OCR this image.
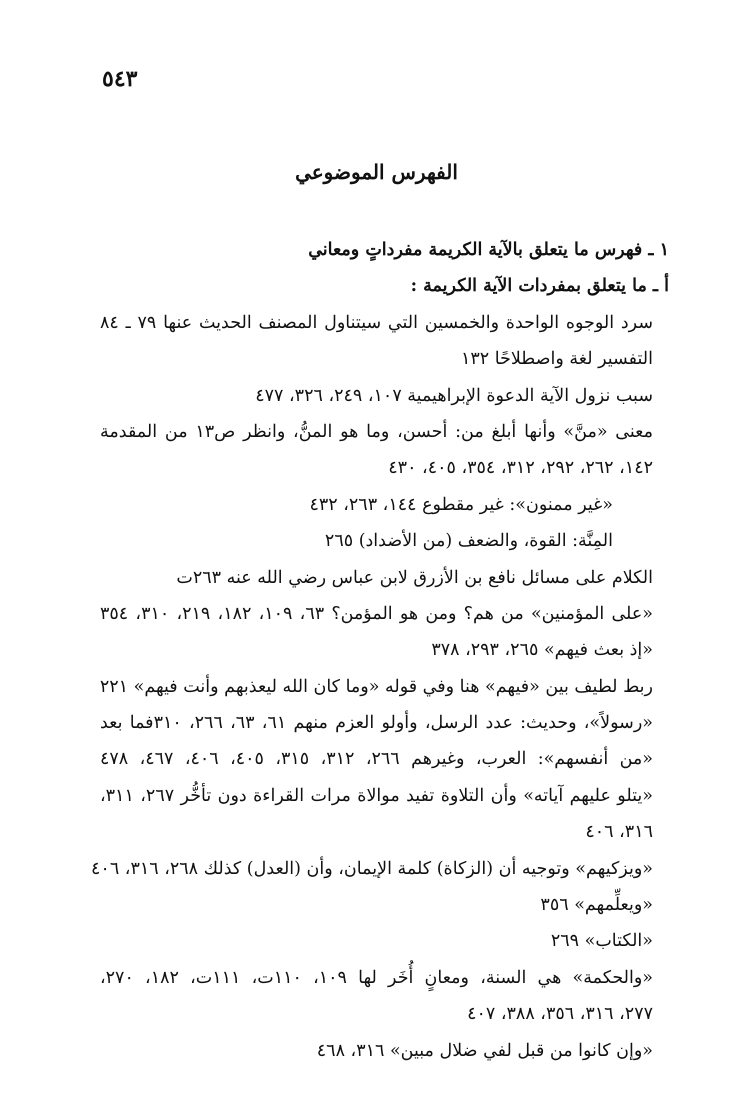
٥٤٣
الفهرس الموضوعي
١ ـ فهرس ما يتعلق بالآية الكريمة مفرداتٍ ومعاني
أ ـ ما يتعلق بمفردات الآية الكريمة :
سرد الوجوه الواحدة والخمسين التي سيتناول المصنف الحديث عنها ٧٩ ـ ٨٤
التفسير لغة واصطلاحًا ١٣٢
سبب نزول الآية الدعوة الإبراهيمية ١٠٧، ٢٤٩، ٣٢٦، ٤٧٧
معنى «منَّ» وأنها أبلغ من: أحسن، وما هو المنُّ، وانظر ص١٣ من المقدمة
١٤٢، ٢٦٢، ٢٩٢، ٣١٢، ٣٥٤، ٤٠٥، ٤٣٠
«غير ممنون»: غير مقطوع ١٤٤، ٢٦٣، ٤٣٢
المِنَّة: القوة، والضعف (من الأضداد) ٢٦٥
الكلام على مسائل نافع بن الأزرق لابن عباس رضي الله عنه ٢٦٣ت
«على المؤمنين» من هم؟ ومن هو المؤمن؟ ٦٣، ١٠٩، ١٨٢، ٢١٩، ٣١٠، ٣٥٤
«إذ بعث فيهم» ٢٦٥، ٢٩٣، ٣٧٨
ربط لطيف بين «فيهم» هنا وفي قوله «وما كان الله ليعذبهم وأنت فيهم» ٢٢١
«رسولاً»، وحديث: عدد الرسل، وأولو العزم منهم ٦١، ٦٣، ٢٦٦، ٣١٠فما بعد
«من أنفسهم»: العرب، وغيرهم ٢٦٦، ٣١٢، ٣١٥، ٤٠٥، ٤٠٦، ٤٦٧، ٤٧٨
«يتلو عليهم آياته» وأن التلاوة تفيد موالاة مرات القراءة دون تأخُّر ٢٦٧، ٣١١،
٣١٦، ٤٠٦
«ويزكيهم» وتوجيه أن (الزكاة) كلمة الإيمان، وأن (العدل) كذلك ٢٦٨، ٣١٦، ٤٠٦
«ويعلِّمهم» ٣٥٦
«الكتاب» ٢٦٩
«والحكمة» هي السنة، ومعانٍ أُخَر لها ١٠٩، ١١٠ت، ١١١ت، ١٨٢، ٢٧٠،
٢٧٧، ٣١٦، ٣٥٦، ٣٨٨، ٤٠٧
«وإن كانوا من قبل لفي ضلال مبين» ٣١٦، ٤٦٨
